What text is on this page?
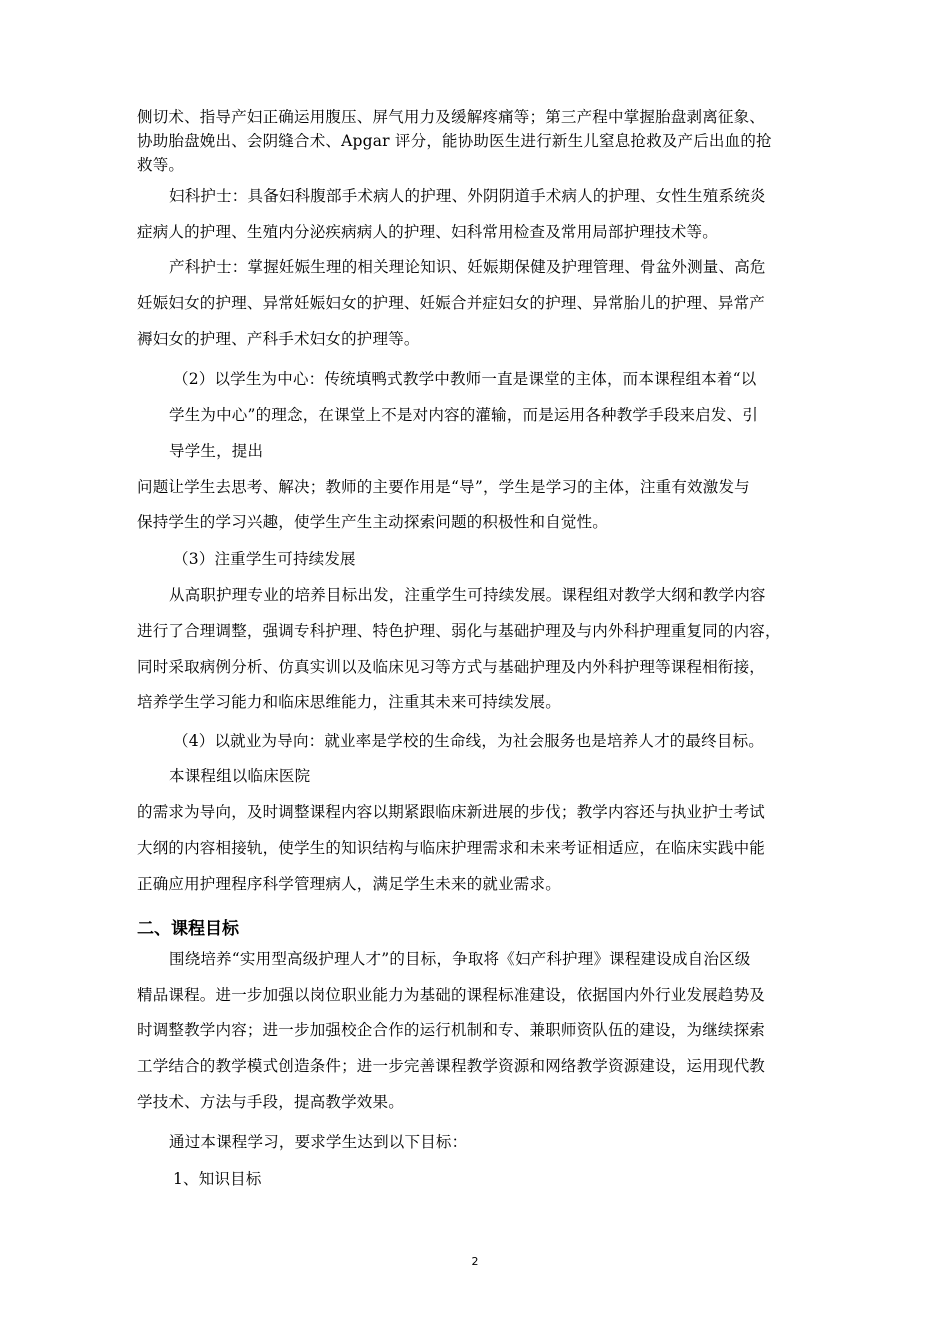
侧切术、指导产妇正确运用腹压、屏气用力及缓解疼痛等；第三产程中掌握胎盘剥离征象、
协助胎盘娩出、会阴缝合术、Apgar 评分，能协助医生进行新生儿窒息抢救及产后出血的抢
救等。
妇科护士：具备妇科腹部手术病人的护理、外阴阴道手术病人的护理、女性生殖系统炎
症病人的护理、生殖内分泌疾病病人的护理、妇科常用检查及常用局部护理技术等。
产科护士：掌握妊娠生理的相关理论知识、妊娠期保健及护理管理、骨盆外测量、高危
妊娠妇女的护理、异常妊娠妇女的护理、妊娠合并症妇女的护理、异常胎儿的护理、异常产
褥妇女的护理、产科手术妇女的护理等。
（2）以学生为中心：传统填鸭式教学中教师一直是课堂的主体，而本课程组本着“以
学生为中心”的理念，在课堂上不是对内容的灌输，而是运用各种教学手段来启发、引
导学生，提出
问题让学生去思考、解决；教师的主要作用是“导”，学生是学习的主体，注重有效激发与
保持学生的学习兴趣，使学生产生主动探索问题的积极性和自觉性。
（3）注重学生可持续发展
从高职护理专业的培养目标出发，注重学生可持续发展。课程组对教学大纲和教学内容
进行了合理调整，强调专科护理、特色护理、弱化与基础护理及与内外科护理重复同的内容，
同时采取病例分析、仿真实训以及临床见习等方式与基础护理及内外科护理等课程相衔接，
培养学生学习能力和临床思维能力，注重其未来可持续发展。
（4）以就业为导向：就业率是学校的生命线，为社会服务也是培养人才的最终目标。
本课程组以临床医院
的需求为导向，及时调整课程内容以期紧跟临床新进展的步伐；教学内容还与执业护士考试
大纲的内容相接轨，使学生的知识结构与临床护理需求和未来考证相适应，在临床实践中能
正确应用护理程序科学管理病人，满足学生未来的就业需求。
二、课程目标
围绕培养“实用型高级护理人才”的目标，争取将《妇产科护理》课程建设成自治区级
精品课程。进一步加强以岗位职业能力为基础的课程标准建设，依据国内外行业发展趋势及
时调整教学内容；进一步加强校企合作的运行机制和专、兼职师资队伍的建设，为继续探索
工学结合的教学模式创造条件；进一步完善课程教学资源和网络教学资源建设，运用现代教
学技术、方法与手段，提高教学效果。
通过本课程学习，要求学生达到以下目标：
1、知识目标
2
